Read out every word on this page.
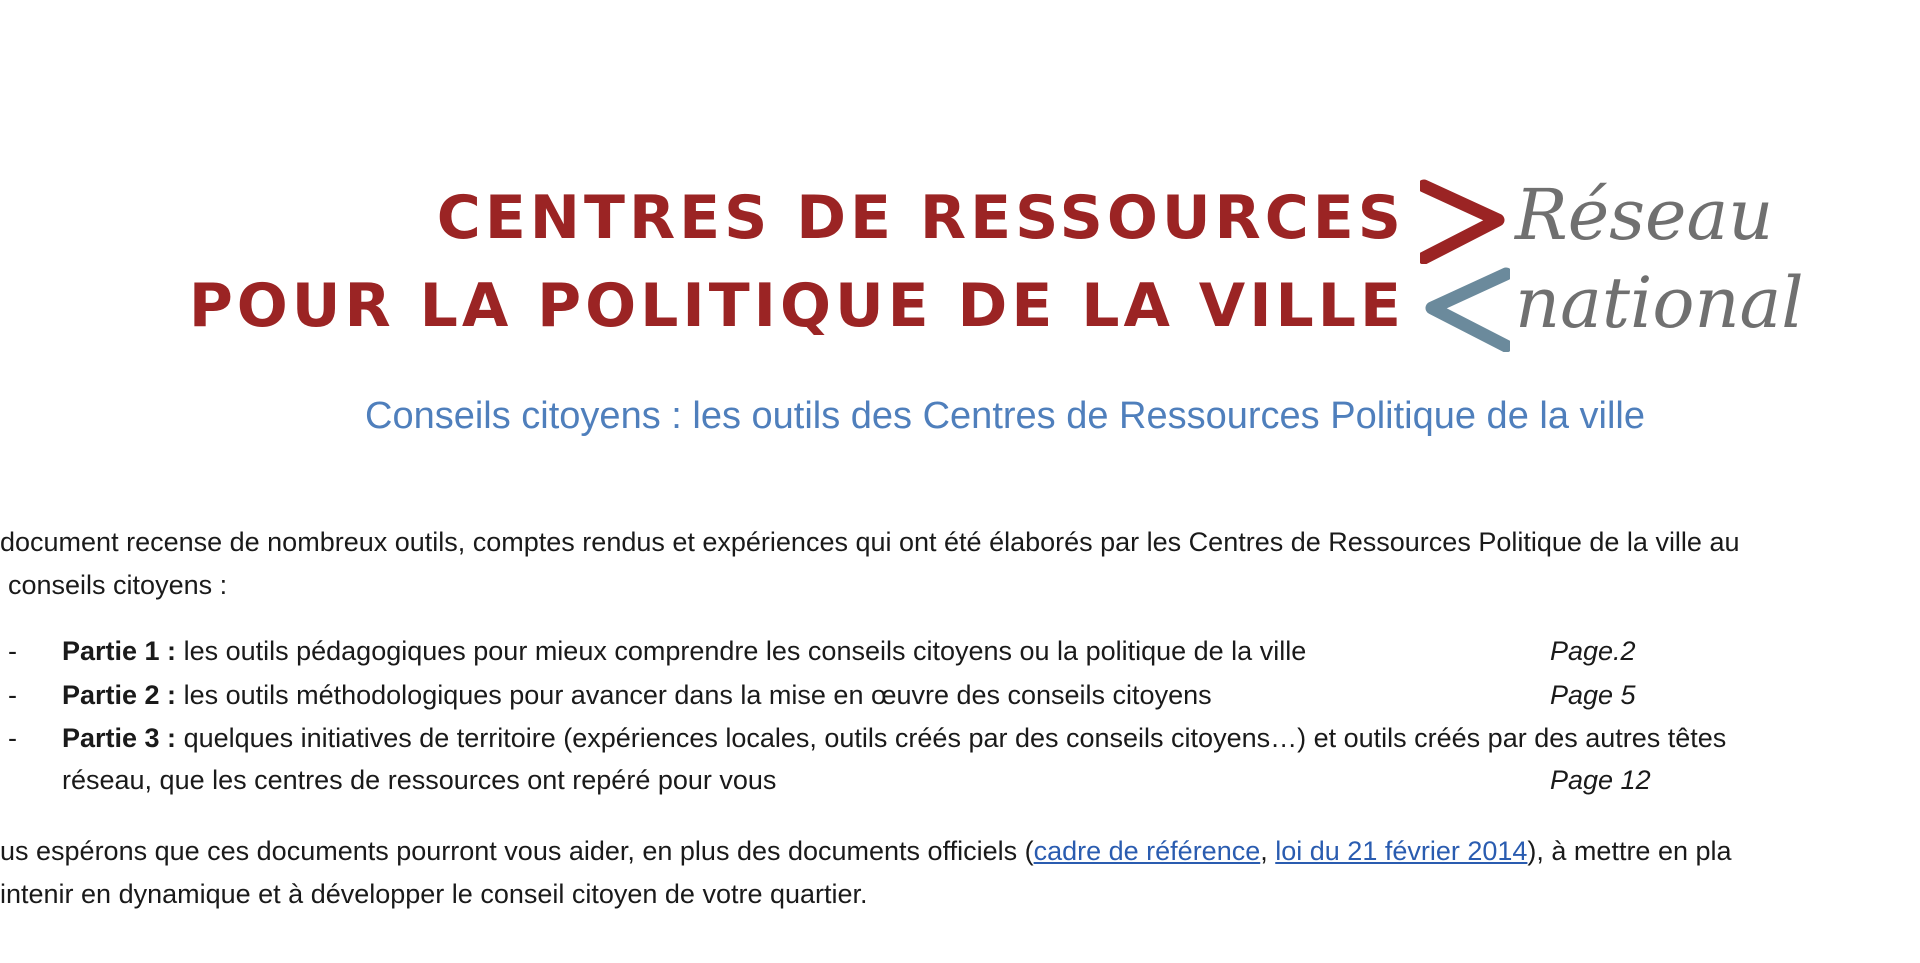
CENTRES DE RESSOURCES
POUR LA POLITIQUE DE LA VILLE
Réseau
national
Conseils citoyens : les outils des Centres de Ressources Politique de la ville
document recense de nombreux outils, comptes rendus et expériences qui ont été élaborés par les Centres de Ressources Politique de la ville au
conseils citoyens :
- Partie 1 : les outils pédagogiques pour mieux comprendre les conseils citoyens ou la politique de la ville	Page.2
- Partie 2 : les outils méthodologiques pour avancer dans la mise en œuvre des conseils citoyens	Page 5
- Partie 3 : quelques initiatives de territoire (expériences locales, outils créés par des conseils citoyens…) et outils créés par des autres têtes
réseau, que les centres de ressources ont repéré pour vous	Page 12
us espérons que ces documents pourront vous aider, en plus des documents officiels (cadre de référence, loi du 21 février 2014), à mettre en pla
intenir en dynamique et à développer le conseil citoyen de votre quartier.
